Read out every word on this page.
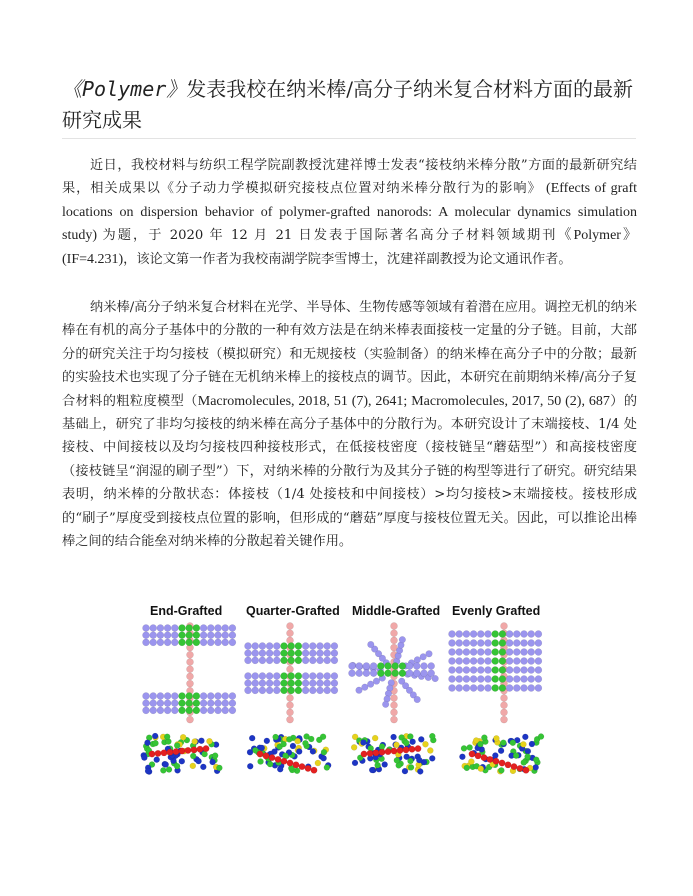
《Polymer》发表我校在纳米棒/高分子纳米复合材料方面的最新研究成果

近日，我校材料与纺织工程学院副教授沈建祥博士发表“接枝纳米棒分散”方面的最新研究结果，相关成果以《分子动力学模拟研究接枝点位置对纳米棒分散行为的影响》 (Effects of graft locations on dispersion behavior of polymer-grafted nanorods: A molecular dynamics simulation study) 为题，于 2020 年 12 月 21 日发表于国际著名高分子材料领域期刊《Polymer》 (IF=4.231)，该论文第一作者为我校南湖学院李雪博士，沈建祥副教授为论文通讯作者。

纳米棒/高分子纳米复合材料在光学、半导体、生物传感等领域有着潜在应用。调控无机的纳米棒在有机的高分子基体中的分散的一种有效方法是在纳米棒表面接枝一定量的分子链。目前，大部分的研究关注于均匀接枝（模拟研究）和无规接枝（实验制备）的纳米棒在高分子中的分散；最新的实验技术也实现了分子链在无机纳米棒上的接枝点的调节。因此，本研究在前期纳米棒/高分子复合材料的粗粒度模型（Macromolecules, 2018, 51 (7), 2641; Macromolecules, 2017, 50 (2), 687）的基础上，研究了非均匀接枝的纳米棒在高分子基体中的分散行为。本研究设计了末端接枝、1/4 处接枝、中间接枝以及均匀接枝四种接枝形式，在低接枝密度（接枝链呈“蘑菇型”）和高接枝密度（接枝链呈“润湿的刷子型”）下，对纳米棒的分散行为及其分子链的构型等进行了研究。研究结果表明，纳米棒的分散状态：体接枝（1/4 处接枝和中间接枝）>均匀接枝>末端接枝。接枝形成的“刷子”厚度受到接枝点位置的影响，但形成的“蘑菇”厚度与接枝位置无关。因此，可以推论出棒棒之间的结合能垒对纳米棒的分散起着关键作用。

End-Grafted Quarter-Grafted Middle-Grafted Evenly Grafted
